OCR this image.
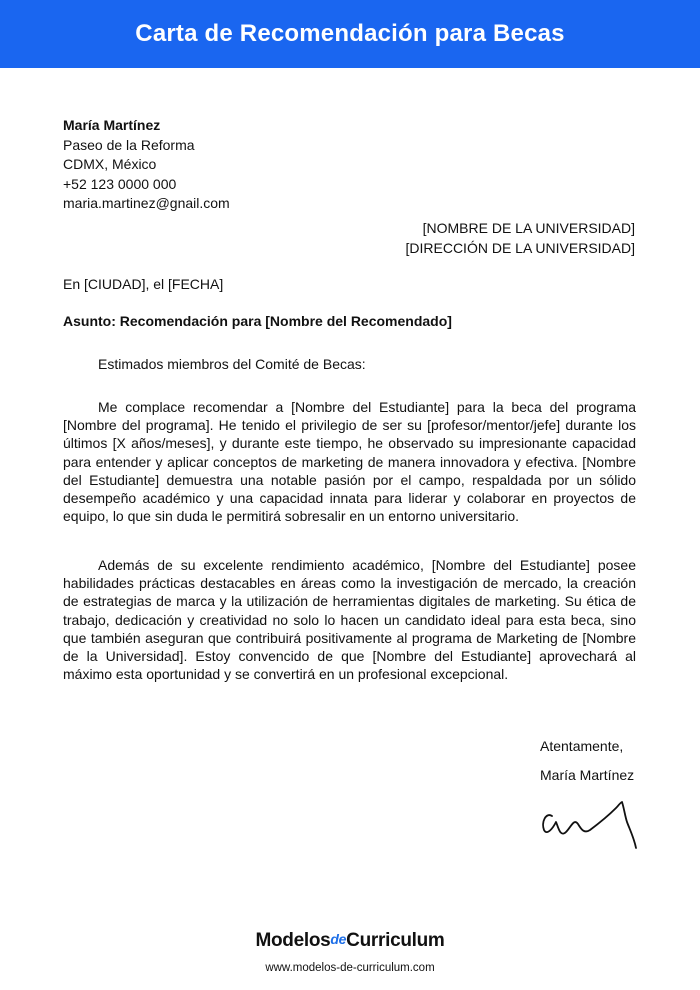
Carta de Recomendación para Becas
María Martínez
Paseo de la Reforma
CDMX, México
+52 123 0000 000
maria.martinez@gnail.com
[NOMBRE DE LA UNIVERSIDAD]
[DIRECCIÓN DE LA UNIVERSIDAD]
En [CIUDAD], el [FECHA]
Asunto: Recomendación para [Nombre del Recomendado]
Estimados miembros del Comité de Becas:

Me complace recomendar a [Nombre del Estudiante] para la beca del programa [Nombre del programa]. He tenido el privilegio de ser su [profesor/mentor/jefe] durante los últimos [X años/meses], y durante este tiempo, he observado su impresionante capacidad para entender y aplicar conceptos de marketing de manera innovadora y efectiva. [Nombre del Estudiante] demuestra una notable pasión por el campo, respaldada por un sólido desempeño académico y una capacidad innata para liderar y colaborar en proyectos de equipo, lo que sin duda le permitirá sobresalir en un entorno universitario.

Además de su excelente rendimiento académico, [Nombre del Estudiante] posee habilidades prácticas destacables en áreas como la investigación de mercado, la creación de estrategias de marca y la utilización de herramientas digitales de marketing. Su ética de trabajo, dedicación y creatividad no solo lo hacen un candidato ideal para esta beca, sino que también aseguran que contribuirá positivamente al programa de Marketing de [Nombre de la Universidad]. Estoy convencido de que [Nombre del Estudiante] aprovechará al máximo esta oportunidad y se convertirá en un profesional excepcional.

Atentamente,
María Martínez
ModelosdeCurriculum
www.modelos-de-curriculum.com
